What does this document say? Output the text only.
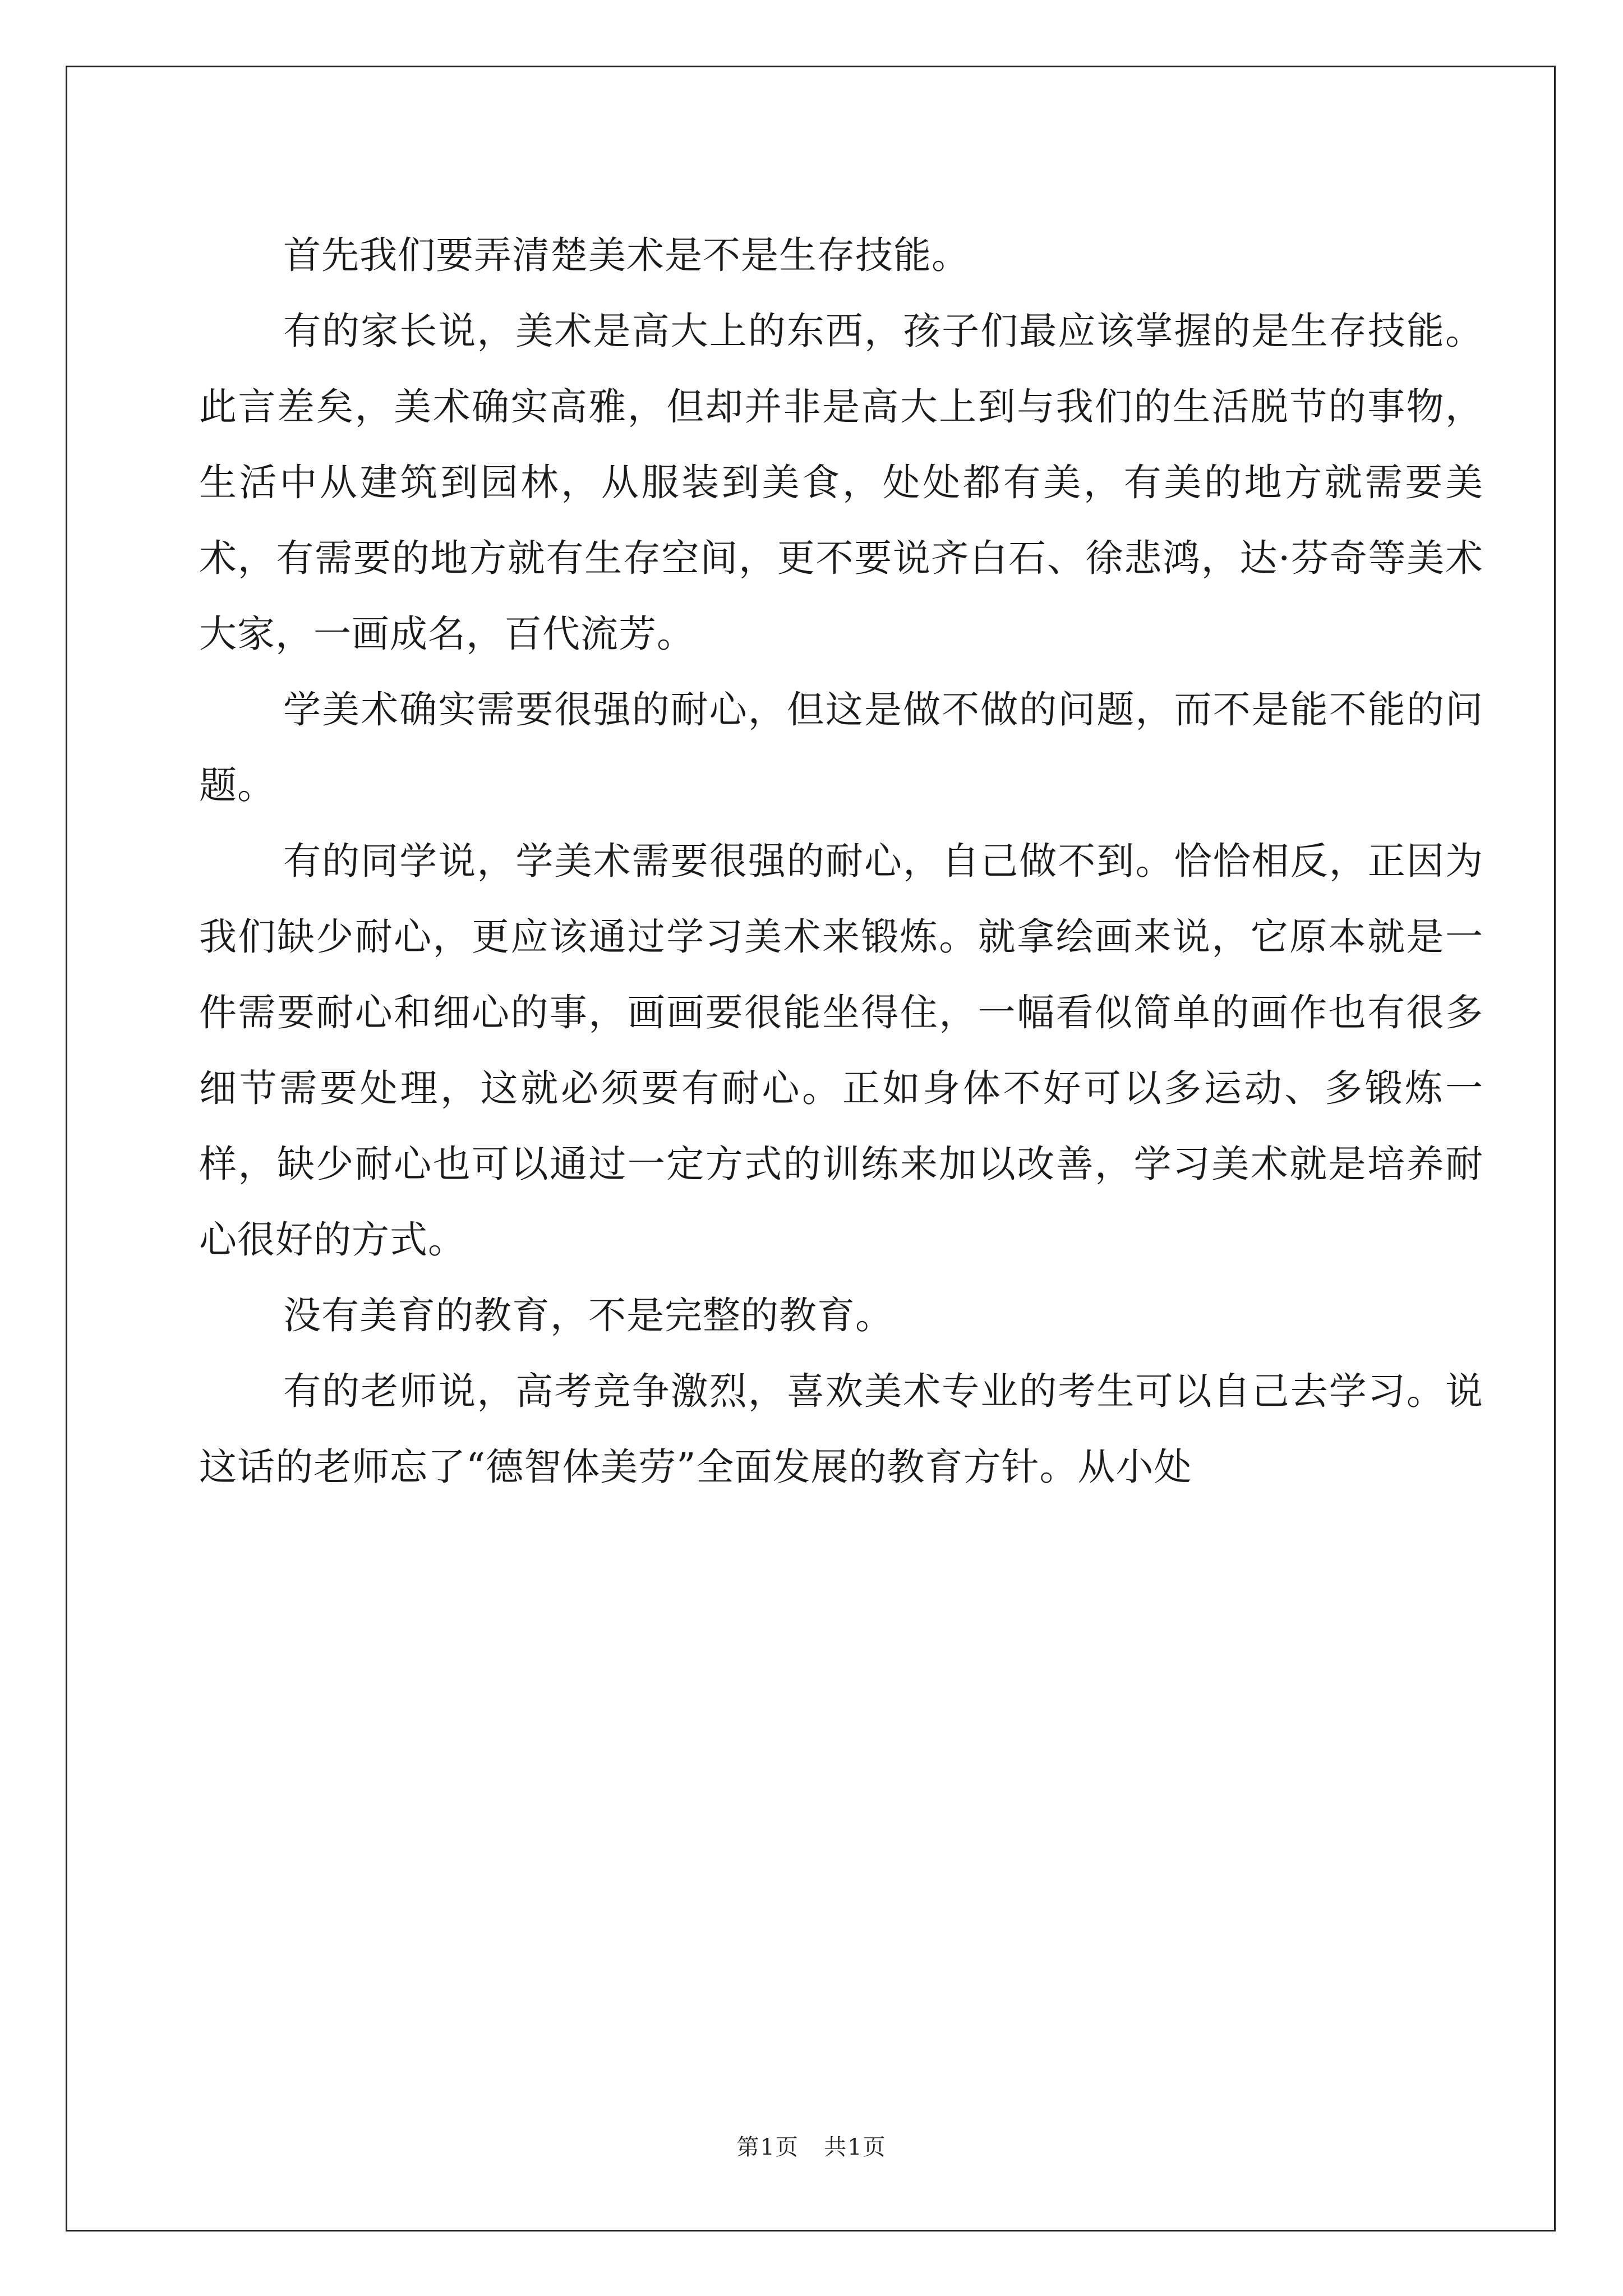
首先我们要弄清楚美术是不是生存技能。

有的家长说，美术是高大上的东西，孩子们最应该掌握的是生存技能。此言差矣，美术确实高雅，但却并非是高大上到与我们的生活脱节的事物，生活中从建筑到园林，从服装到美食，处处都有美，有美的地方就需要美术，有需要的地方就有生存空间，更不要说齐白石、徐悲鸿，达·芬奇等美术大家，一画成名，百代流芳。

学美术确实需要很强的耐心，但这是做不做的问题，而不是能不能的问题。

有的同学说，学美术需要很强的耐心，自己做不到。恰恰相反，正因为我们缺少耐心，更应该通过学习美术来锻炼。就拿绘画来说，它原本就是一件需要耐心和细心的事，画画要很能坐得住，一幅看似简单的画作也有很多细节需要处理，这就必须要有耐心。正如身体不好可以多运动、多锻炼一样，缺少耐心也可以通过一定方式的训练来加以改善，学习美术就是培养耐心很好的方式。

没有美育的教育，不是完整的教育。

有的老师说，高考竞争激烈，喜欢美术专业的考生可以自己去学习。说这话的老师忘了“德智体美劳”全面发展的教育方针。从小处

第1页 共1页
